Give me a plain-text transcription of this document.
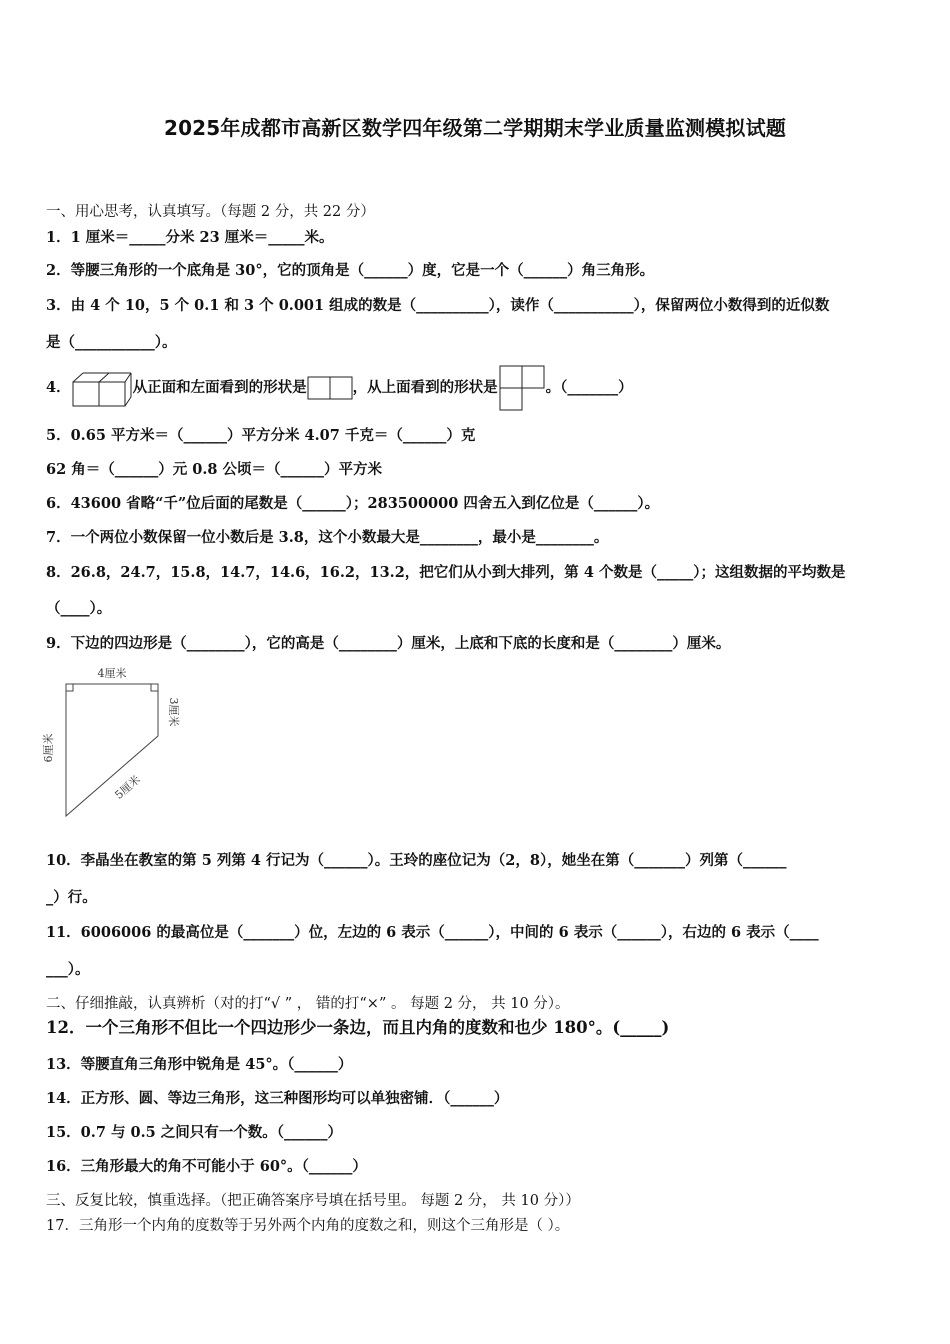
2025年成都市高新区数学四年级第二学期期末学业质量监测模拟试题
一、用心思考，认真填写。（每题 2 分，共 22 分）
1．1 厘米＝_____分米 23 厘米＝_____米。
2．等腰三角形的一个底角是 30°，它的顶角是（______）度，它是一个（______）角三角形。
3．由 4 个 10，5 个 0.1 和 3 个 0.001 组成的数是（__________），读作（___________），保留两位小数得到的近似数
是（___________）。
4．	从正面和左面看到的形状是	，从上面看到的形状是	。（_______）
5．0.65 平方米＝（______）平方分米 4.07 千克＝（______）克
62 角＝（______）元 0.8 公顷＝（______）平方米
6．43600 省略“千”位后面的尾数是（______）；283500000 四舍五入到亿位是（______）。
7．一个两位小数保留一位小数后是 3.8，这个小数最大是________，最小是________。
8．26.8，24.7，15.8，14.7，14.6，16.2，13.2，把它们从小到大排列，第 4 个数是（_____）；这组数据的平均数是
（____）。
9．下边的四边形是（________），它的高是（________）厘米，上底和下底的长度和是（________）厘米。
4厘米
3厘米
6厘米
5厘米
10．李晶坐在教室的第 5 列第 4 行记为（______）。王玲的座位记为（2，8），她坐在第（_______）列第（______
_）行。
11．6006006 的最高位是（_______）位，左边的 6 表示（______），中间的 6 表示（______），右边的 6 表示（____
___）。
二、仔细推敲，认真辨析（对的打“√ ” ， 错的打“×” 。 每题 2 分， 共 10 分）。
12．一个三角形不但比一个四边形少一条边，而且内角的度数和也少 180°。(_____)
13．等腰直角三角形中锐角是 45°。（______）
14．正方形、圆、等边三角形，这三种图形均可以单独密铺．（______）
15．0.7 与 0.5 之间只有一个数。（______）
16．三角形最大的角不可能小于 60°。（______）
三、反复比较，慎重选择。（把正确答案序号填在括号里。 每题 2 分， 共 10 分））
17．三角形一个内角的度数等于另外两个内角的度数之和，则这个三角形是（ ）。
